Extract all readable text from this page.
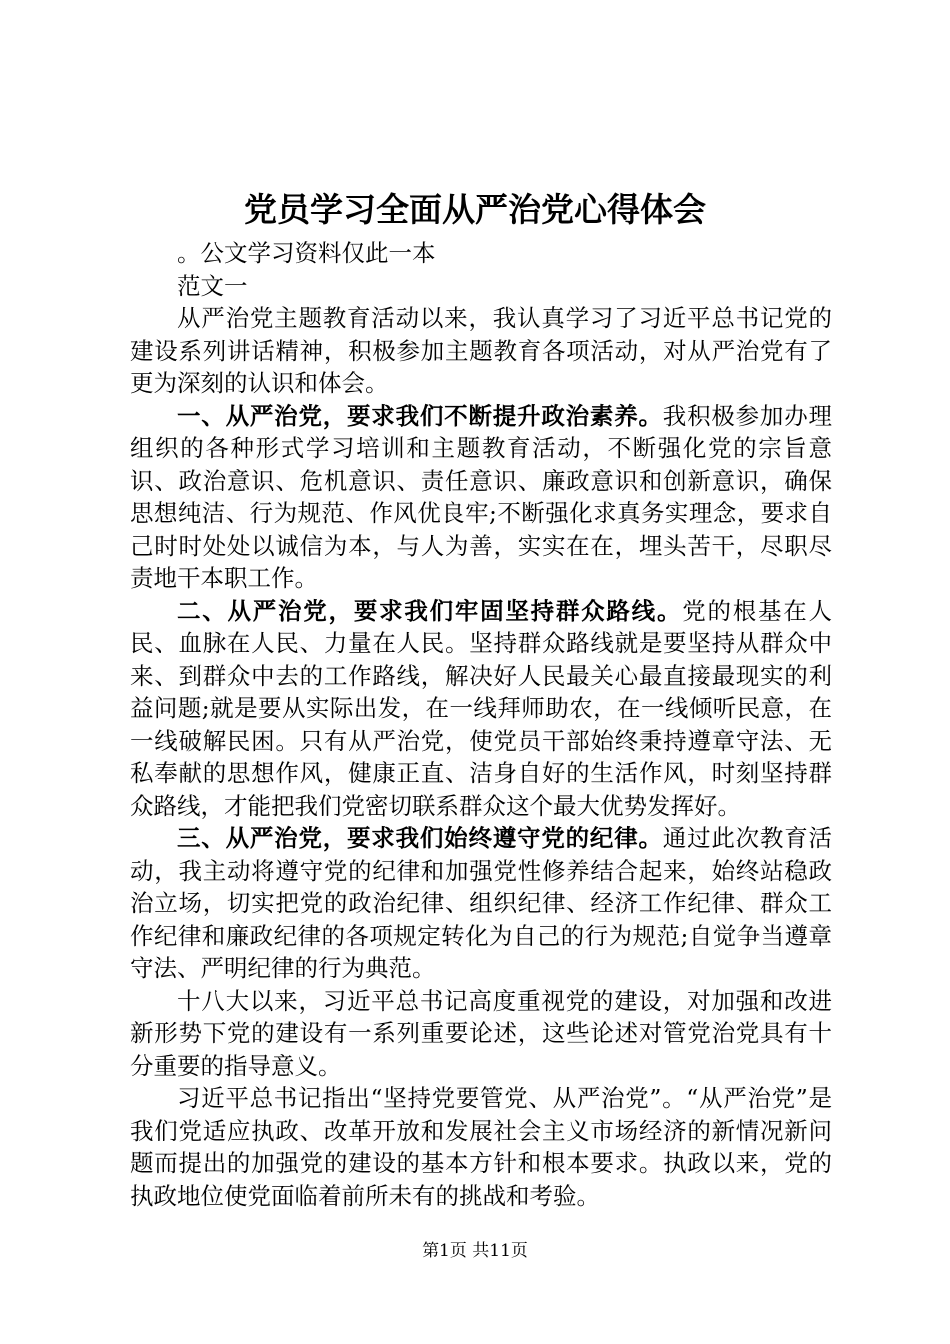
党员学习全面从严治党心得体会

。公文学习资料仅此一本

范文一

从严治党主题教育活动以来，我认真学习了习近平总书记党的建设系列讲话精神，积极参加主题教育各项活动，对从严治党有了更为深刻的认识和体会。

一、从严治党，要求我们不断提升政治素养。我积极参加办理组织的各种形式学习培训和主题教育活动，不断强化党的宗旨意识、政治意识、危机意识、责任意识、廉政意识和创新意识，确保思想纯洁、行为规范、作风优良牢;不断强化求真务实理念，要求自己时时处处以诚信为本，与人为善，实实在在，埋头苦干，尽职尽责地干本职工作。

二、从严治党，要求我们牢固坚持群众路线。党的根基在人民、血脉在人民、力量在人民。坚持群众路线就是要坚持从群众中来、到群众中去的工作路线，解决好人民最关心最直接最现实的利益问题;就是要从实际出发，在一线拜师助农，在一线倾听民意，在一线破解民困。只有从严治党，使党员干部始终秉持遵章守法、无私奉献的思想作风，健康正直、洁身自好的生活作风，时刻坚持群众路线，才能把我们党密切联系群众这个最大优势发挥好。

三、从严治党，要求我们始终遵守党的纪律。通过此次教育活动，我主动将遵守党的纪律和加强党性修养结合起来，始终站稳政治立场，切实把党的政治纪律、组织纪律、经济工作纪律、群众工作纪律和廉政纪律的各项规定转化为自己的行为规范;自觉争当遵章守法、严明纪律的行为典范。

十八大以来，习近平总书记高度重视党的建设，对加强和改进新形势下党的建设有一系列重要论述，这些论述对管党治党具有十分重要的指导意义。

习近平总书记指出“坚持党要管党、从严治党”。“从严治党”是我们党适应执政、改革开放和发展社会主义市场经济的新情况新问题而提出的加强党的建设的基本方针和根本要求。执政以来，党的执政地位使党面临着前所未有的挑战和考验。

第1页 共11页
